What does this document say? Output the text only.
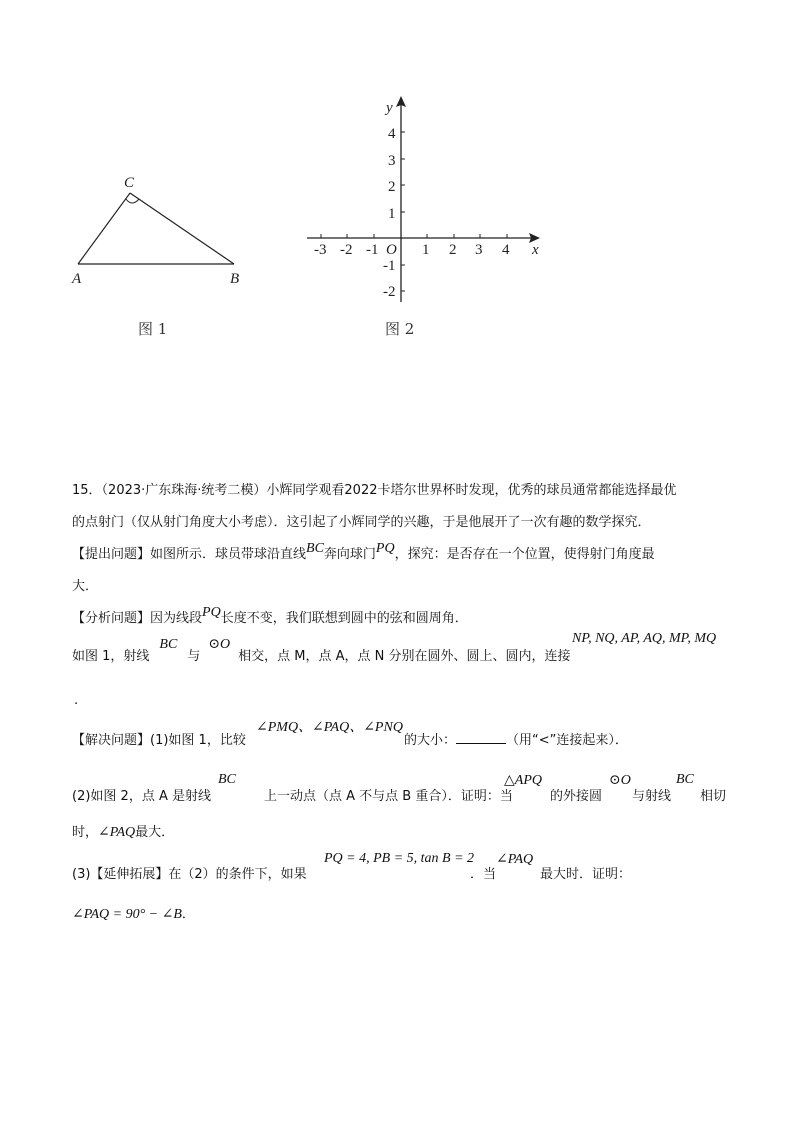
C
A	B
图 1
-3 -2 -1	1 2 3 4
4
3
2
1
-1
-2
O	x
y
图 2
15．（2023·广东珠海·统考二模）小辉同学观看2022卡塔尔世界杯时发现，优秀的球员通常都能选择最优
的点射门（仅从射门角度大小考虑）．这引起了小辉同学的兴趣，于是他展开了一次有趣的数学探究．
【提出问题】如图所示．球员带球沿直线BC奔向球门PQ，探究：是否存在一个位置，使得射门角度最
大．
【分析问题】因为线段PQ长度不变，我们联想到圆中的弦和圆周角．
如图 1，射线BC与⊙O相交，点 M，点 A，点 N 分别在圆外、圆上、圆内，连接
NP, NQ, AP, AQ, MP, MQ
.
【解决问题】(1)如图 1，比较
∠PMQ、∠PAQ、∠PNQ
的大小：	（用“<”连接起来）．
(2)如图 2，点 A 是射线
BC
上一动点（点 A 不与点 B 重合）．证明：当
△APQ
的外接圆
⊙O
与射线
BC
相切
时，∠PAQ最大．
(3)【延伸拓展】在（2）的条件下，如果
PQ = 4, PB = 5, tan B = 2
．当
∠PAQ
最大时．证明：
∠PAQ = 90° − ∠B．
